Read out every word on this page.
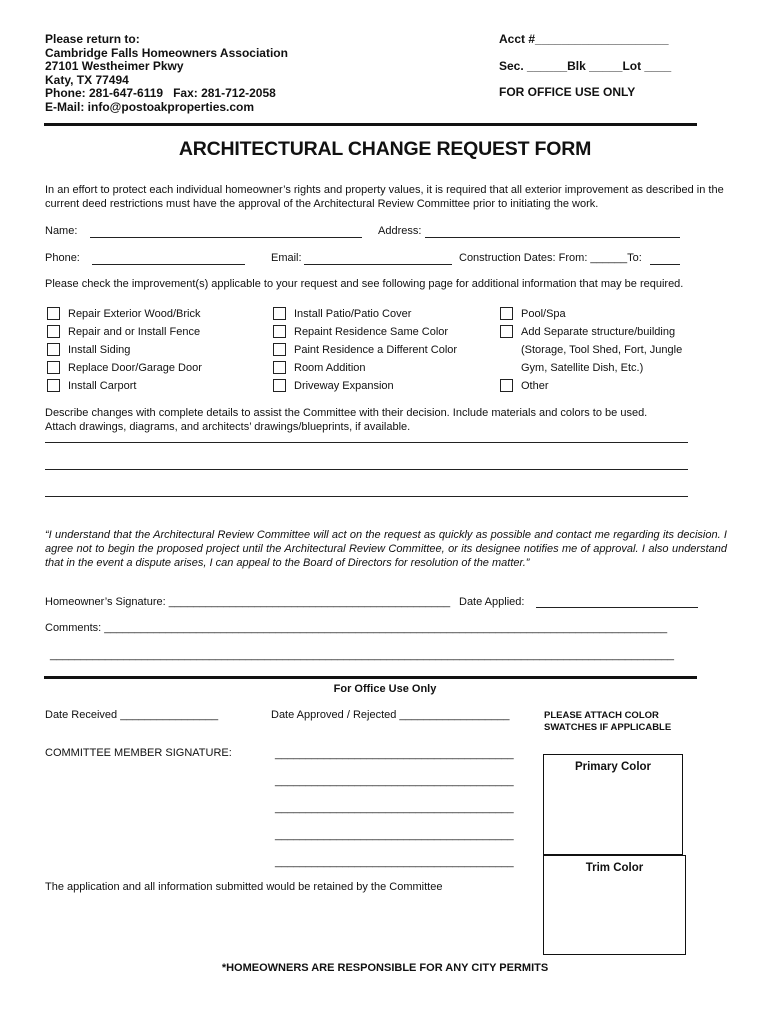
Please return to:
Cambridge Falls Homeowners Association
27101 Westheimer Pkwy
Katy, TX 77494
Phone: 281-647-6119   Fax: 281-712-2058
E-Mail: info@postoakproperties.com
Acct #____________________
Sec. ______Blk _____Lot ____
FOR OFFICE USE ONLY
ARCHITECTURAL CHANGE REQUEST FORM
In an effort to protect each individual homeowner’s rights and property values, it is required that all exterior improvement as described in the current deed restrictions must have the approval of the Architectural Review Committee prior to initiating the work.
Name:	Address:
Phone:	Email:	Construction Dates: From: ______To:
Please check the improvement(s) applicable to your request and see following page for additional information that may be required.
Repair Exterior Wood/Brick
Repair and or Install Fence
Install Siding
Replace Door/Garage Door
Install Carport
Install Patio/Patio Cover
Repaint Residence Same Color
Paint Residence a Different Color
Room Addition
Driveway Expansion
Pool/Spa
Add Separate structure/building
(Storage, Tool Shed, Fort, Jungle
Gym, Satellite Dish, Etc.)
Other
Describe changes with complete details to assist the Committee with their decision. Include materials and colors to be used.
Attach drawings, diagrams, and architects’ drawings/blueprints, if available.
“I understand that the Architectural Review Committee will act on the request as quickly as possible and contact me regarding its decision. I agree not to begin the proposed project until the Architectural Review Committee, or its designee notifies me of approval. I also understand that in the event a dispute arises, I can appeal to the Board of Directors for resolution of the matter.”
Homeowner’s Signature: ______________________________________________ Date Applied:
Comments: ____________________________________________________________________________________________
______________________________________________________________________________________________________
For Office Use Only
Date Received ________________	Date Approved / Rejected __________________	PLEASE ATTACH COLOR
SWATCHES IF APPLICABLE
COMMITTEE MEMBER SIGNATURE:	_______________________________________
_______________________________________
_______________________________________
_______________________________________
_______________________________________
Primary Color
Trim Color
The application and all information submitted would be retained by the Committee
*HOMEOWNERS ARE RESPONSIBLE FOR ANY CITY PERMITS
